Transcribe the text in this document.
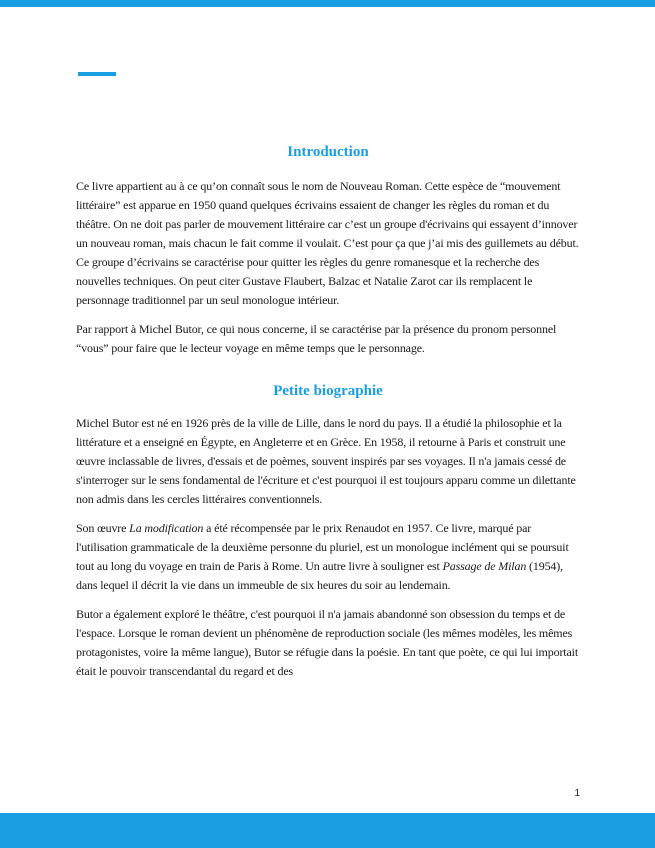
Introduction

Ce livre appartient au à ce qu’on connaît sous le nom de Nouveau Roman. Cette espèce de “mouvement littéraire” est apparue en 1950 quand quelques écrivains essaient de changer les règles du roman et du théâtre. On ne doit pas parler de mouvement littéraire car c’est un groupe d'écrivains qui essayent d’innover un nouveau roman, mais chacun le fait comme il voulait. C’est pour ça que j’ai mis des guillemets au début. Ce groupe d’écrivains se caractérise pour quitter les règles du genre romanesque et la recherche des nouvelles techniques. On peut citer Gustave Flaubert, Balzac et Natalie Zarot car ils remplacent le personnage traditionnel par un seul monologue intérieur.

Par rapport à Michel Butor, ce qui nous concerne, il se caractérise par la présence du pronom personnel “vous” pour faire que le lecteur voyage en même temps que le personnage.

Petite biographie

Michel Butor est né en 1926 près de la ville de Lille, dans le nord du pays. Il a étudié la philosophie et la littérature et a enseigné en Égypte, en Angleterre et en Grèce. En 1958, il retourne à Paris et construit une œuvre inclassable de livres, d'essais et de poèmes, souvent inspirés par ses voyages. Il n'a jamais cessé de s'interroger sur le sens fondamental de l'écriture et c'est pourquoi il est toujours apparu comme un dilettante non admis dans les cercles littéraires conventionnels.

Son œuvre La modification a été récompensée par le prix Renaudot en 1957. Ce livre, marqué par l'utilisation grammaticale de la deuxième personne du pluriel, est un monologue inclément qui se poursuit tout au long du voyage en train de Paris à Rome. Un autre livre à souligner est Passage de Milan (1954), dans lequel il décrit la vie dans un immeuble de six heures du soir au lendemain.

Butor a également exploré le théâtre, c'est pourquoi il n'a jamais abandonné son obsession du temps et de l'espace. Lorsque le roman devient un phénomène de reproduction sociale (les mêmes modèles, les mêmes protagonistes, voire la même langue), Butor se réfugie dans la poésie. En tant que poète, ce qui lui importait était le pouvoir transcendantal du regard et des

1
